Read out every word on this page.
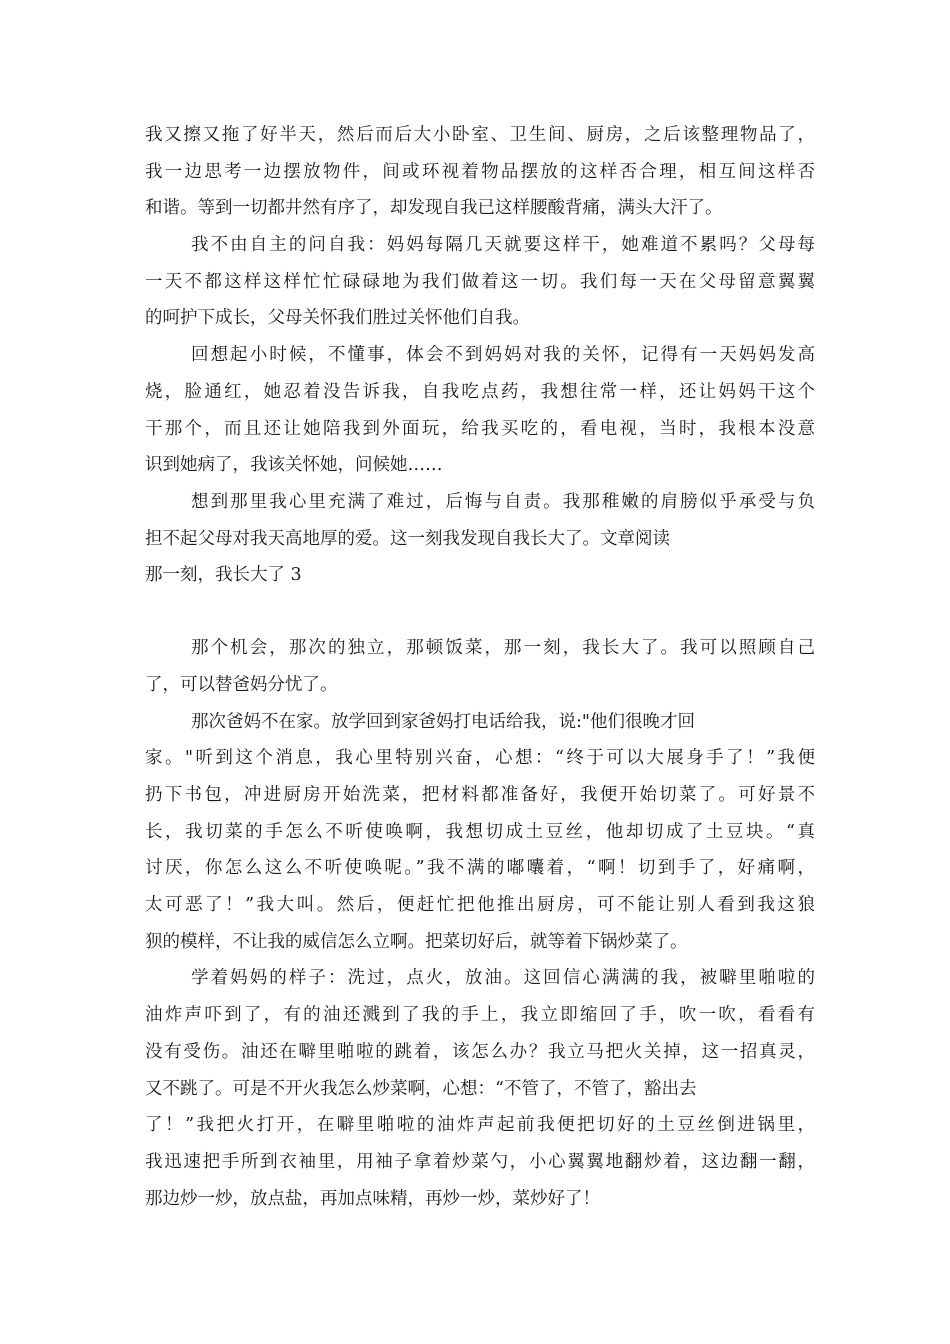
我又擦又拖了好半天，然后而后大小卧室、卫生间、厨房，之后该整理物品了，
我一边思考一边摆放物件，间或环视着物品摆放的这样否合理，相互间这样否
和谐。等到一切都井然有序了，却发现自我已这样腰酸背痛，满头大汗了。
我不由自主的问自我：妈妈每隔几天就要这样干，她难道不累吗？父母每
一天不都这样这样忙忙碌碌地为我们做着这一切。我们每一天在父母留意翼翼
的呵护下成长，父母关怀我们胜过关怀他们自我。
回想起小时候，不懂事，体会不到妈妈对我的关怀，记得有一天妈妈发高
烧，脸通红，她忍着没告诉我，自我吃点药，我想往常一样，还让妈妈干这个
干那个，而且还让她陪我到外面玩，给我买吃的，看电视，当时，我根本没意
识到她病了，我该关怀她，问候她……
想到那里我心里充满了难过，后悔与自责。我那稚嫩的肩膀似乎承受与负
担不起父母对我天高地厚的爱。这一刻我发现自我长大了。文章阅读
那一刻，我长大了 3
那个机会，那次的独立，那顿饭菜，那一刻，我长大了。我可以照顾自己
了，可以替爸妈分忧了。
那次爸妈不在家。放学回到家爸妈打电话给我，说:"他们很晚才回
家。"听到这个消息，我心里特别兴奋，心想：“终于可以大展身手了！”我便
扔下书包，冲进厨房开始洗菜，把材料都准备好，我便开始切菜了。可好景不
长，我切菜的手怎么不听使唤啊，我想切成土豆丝，他却切成了土豆块。“真
讨厌，你怎么这么不听使唤呢。”我不满的嘟囔着，“啊！切到手了，好痛啊，
太可恶了！”我大叫。然后，便赶忙把他推出厨房，可不能让别人看到我这狼
狈的模样，不让我的威信怎么立啊。把菜切好后，就等着下锅炒菜了。
学着妈妈的样子：洗过，点火，放油。这回信心满满的我，被噼里啪啦的
油炸声吓到了，有的油还溅到了我的手上，我立即缩回了手，吹一吹，看看有
没有受伤。油还在噼里啪啦的跳着，该怎么办？我立马把火关掉，这一招真灵，
又不跳了。可是不开火我怎么炒菜啊，心想：“不管了，不管了，豁出去
了！”我把火打开，在噼里啪啦的油炸声起前我便把切好的土豆丝倒进锅里，
我迅速把手所到衣袖里，用袖子拿着炒菜勺，小心翼翼地翻炒着，这边翻一翻，
那边炒一炒，放点盐，再加点味精，再炒一炒，菜炒好了！
